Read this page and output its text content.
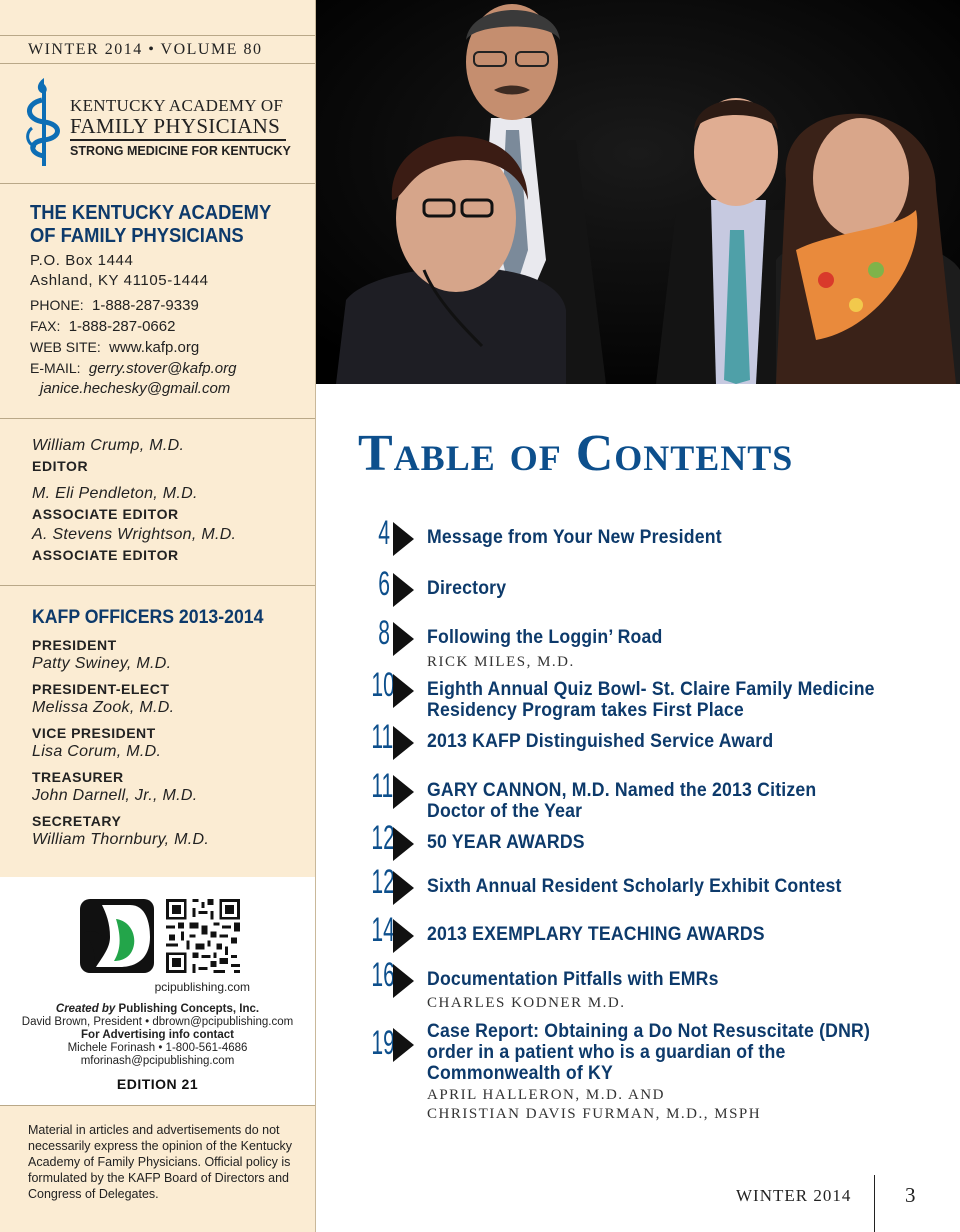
WINTER 2014 • VOLUME 80
KENTUCKY ACADEMY OF
FAMILY PHYSICIANS
STRONG MEDICINE FOR KENTUCKY
THE KENTUCKY ACADEMY
OF FAMILY PHYSICIANS
P.O. Box 1444
Ashland, KY 41105-1444
PHONE: 1-888-287-9339
FAX: 1-888-287-0662
WEB SITE: www.kafp.org
E-MAIL: gerry.stover@kafp.org
janice.hechesky@gmail.com
William Crump, M.D.
EDITOR
M. Eli Pendleton, M.D.
ASSOCIATE EDITOR
A. Stevens Wrightson, M.D.
ASSOCIATE EDITOR
KAFP OFFICERS 2013-2014
PRESIDENT
Patty Swiney, M.D.
PRESIDENT-ELECT
Melissa Zook, M.D.
VICE PRESIDENT
Lisa Corum, M.D.
TREASURER
John Darnell, Jr., M.D.
SECRETARY
William Thornbury, M.D.
pcipublishing.com
Created by Publishing Concepts, Inc.
David Brown, President • dbrown@pcipublishing.com
For Advertising info contact
Michele Forinash • 1-800-561-4686
mforinash@pcipublishing.com
EDITION 21
Material in articles and advertisements do not necessarily express the opinion of the Kentucky Academy of Family Physicians. Official policy is formulated by the KAFP Board of Directors and Congress of Delegates.
Table of Contents
4 Message from Your New President
6 Directory
8 Following the Loggin’ Road
RICK MILES, M.D.
10 Eighth Annual Quiz Bowl- St. Claire Family Medicine Residency Program takes First Place
11 2013 KAFP Distinguished Service Award
11 GARY CANNON, M.D. Named the 2013 Citizen Doctor of the Year
12 50 YEAR AWARDS
12 Sixth Annual Resident Scholarly Exhibit Contest
14 2013 EXEMPLARY TEACHING AWARDS
16 Documentation Pitfalls with EMRs
CHARLES KODNER M.D.
19 Case Report: Obtaining a Do Not Resuscitate (DNR) order in a patient who is a guardian of the Commonwealth of KY
APRIL HALLERON, M.D. AND
CHRISTIAN DAVIS FURMAN, M.D., MSPH
WINTER 2014	3
